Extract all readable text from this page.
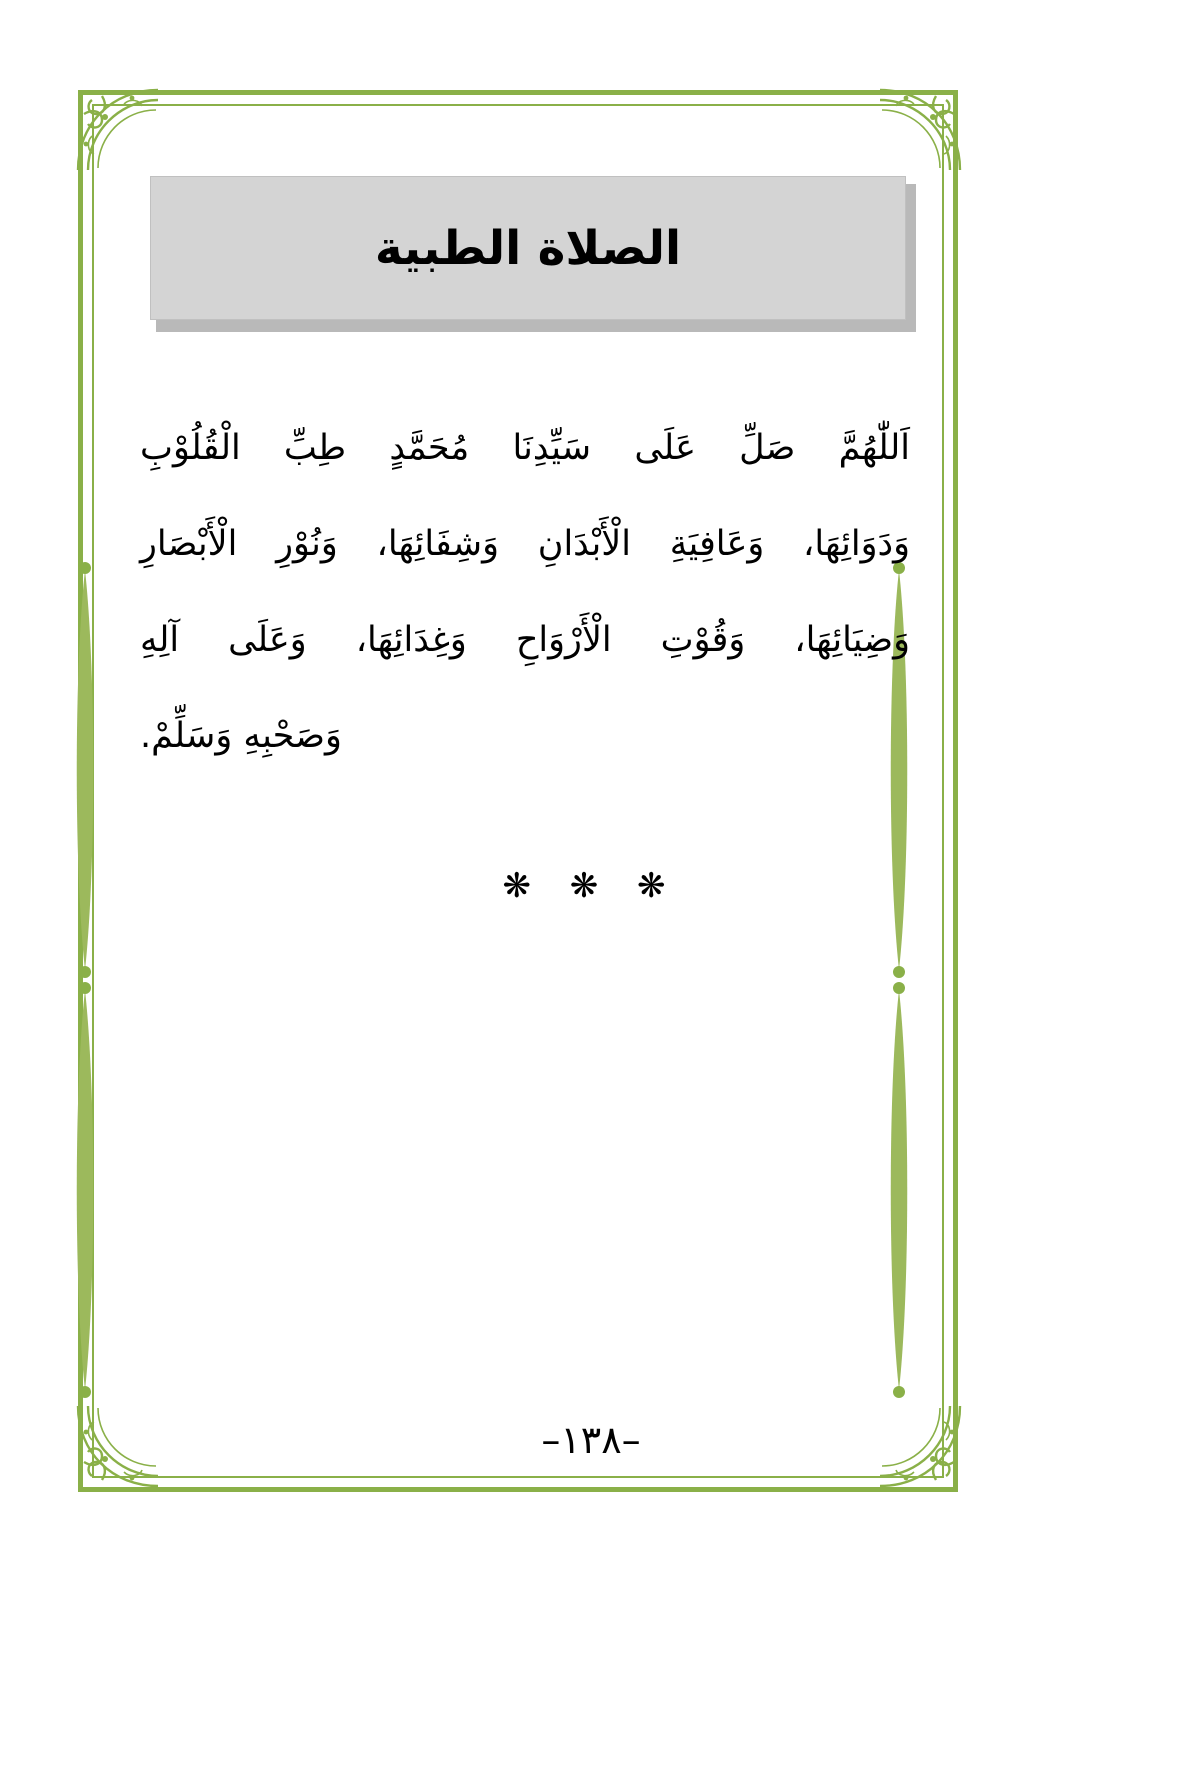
الصلاة الطبية
اَللّٰهُمَّ صَلِّ عَلَى سَيِّدِنَا مُحَمَّدٍ طِبِّ الْقُلُوْبِ
وَدَوَائِهَا، وَعَافِيَةِ الْأَبْدَانِ وَشِفَائِهَا، وَنُوْرِ الْأَبْصَارِ
وَضِيَائِهَا، وَقُوْتِ الْأَرْوَاحِ وَغِدَائِهَا، وَعَلَى آلِهِ
وَصَحْبِهِ وَسَلِّمْ.
❋ ❋ ❋
–١٣٨–
